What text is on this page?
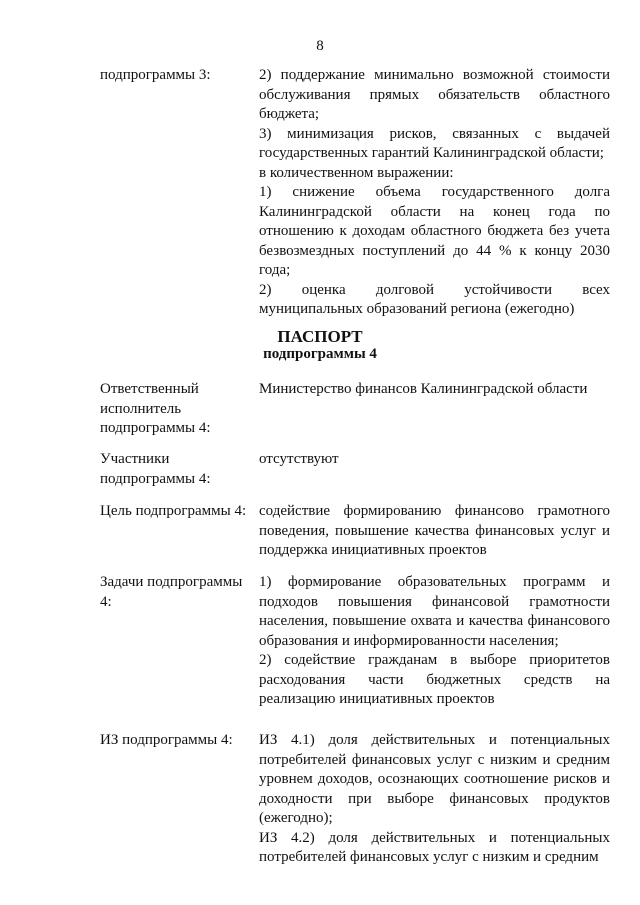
8
подпрограммы 3:	2) поддержание минимально возможной стоимости обслуживания прямых обязательств областного бюджета;

3) минимизация рисков, связанных с выдачей государственных гарантий Калининградской области;

в количественном выражении:

1) снижение объема государственного долга Калининградской области на конец года по отношению к доходам областного бюджета без учета безвозмездных поступлений до 44 % к концу 2030 года;

2) оценка долговой устойчивости всех муниципальных образований региона (ежегодно)

ПАСПОРТ
подпрограммы 4
Ответственный исполнитель подпрограммы 4:

Министерство финансов Калининградской области

Участники подпрограммы 4:

отсутствуют

Цель подпрограммы 4: содействие формированию финансово грамотного поведения, повышение качества финансовых услуг и поддержка инициативных проектов

Задачи подпрограммы 4:

1) формирование образовательных программ и подходов повышения финансовой грамотности населения, повышение охвата и качества финансового образования и информированности населения;

2) содействие гражданам в выборе приоритетов расходования части бюджетных средств на реализацию инициативных проектов

ИЗ подпрограммы 4:	ИЗ 4.1) доля действительных и потенциальных потребителей финансовых услуг с низким и средним уровнем доходов, осознающих соотношение рисков и доходности при выборе финансовых продуктов (ежегодно);

ИЗ 4.2) доля действительных и потенциальных потребителей финансовых услуг с низким и средним
